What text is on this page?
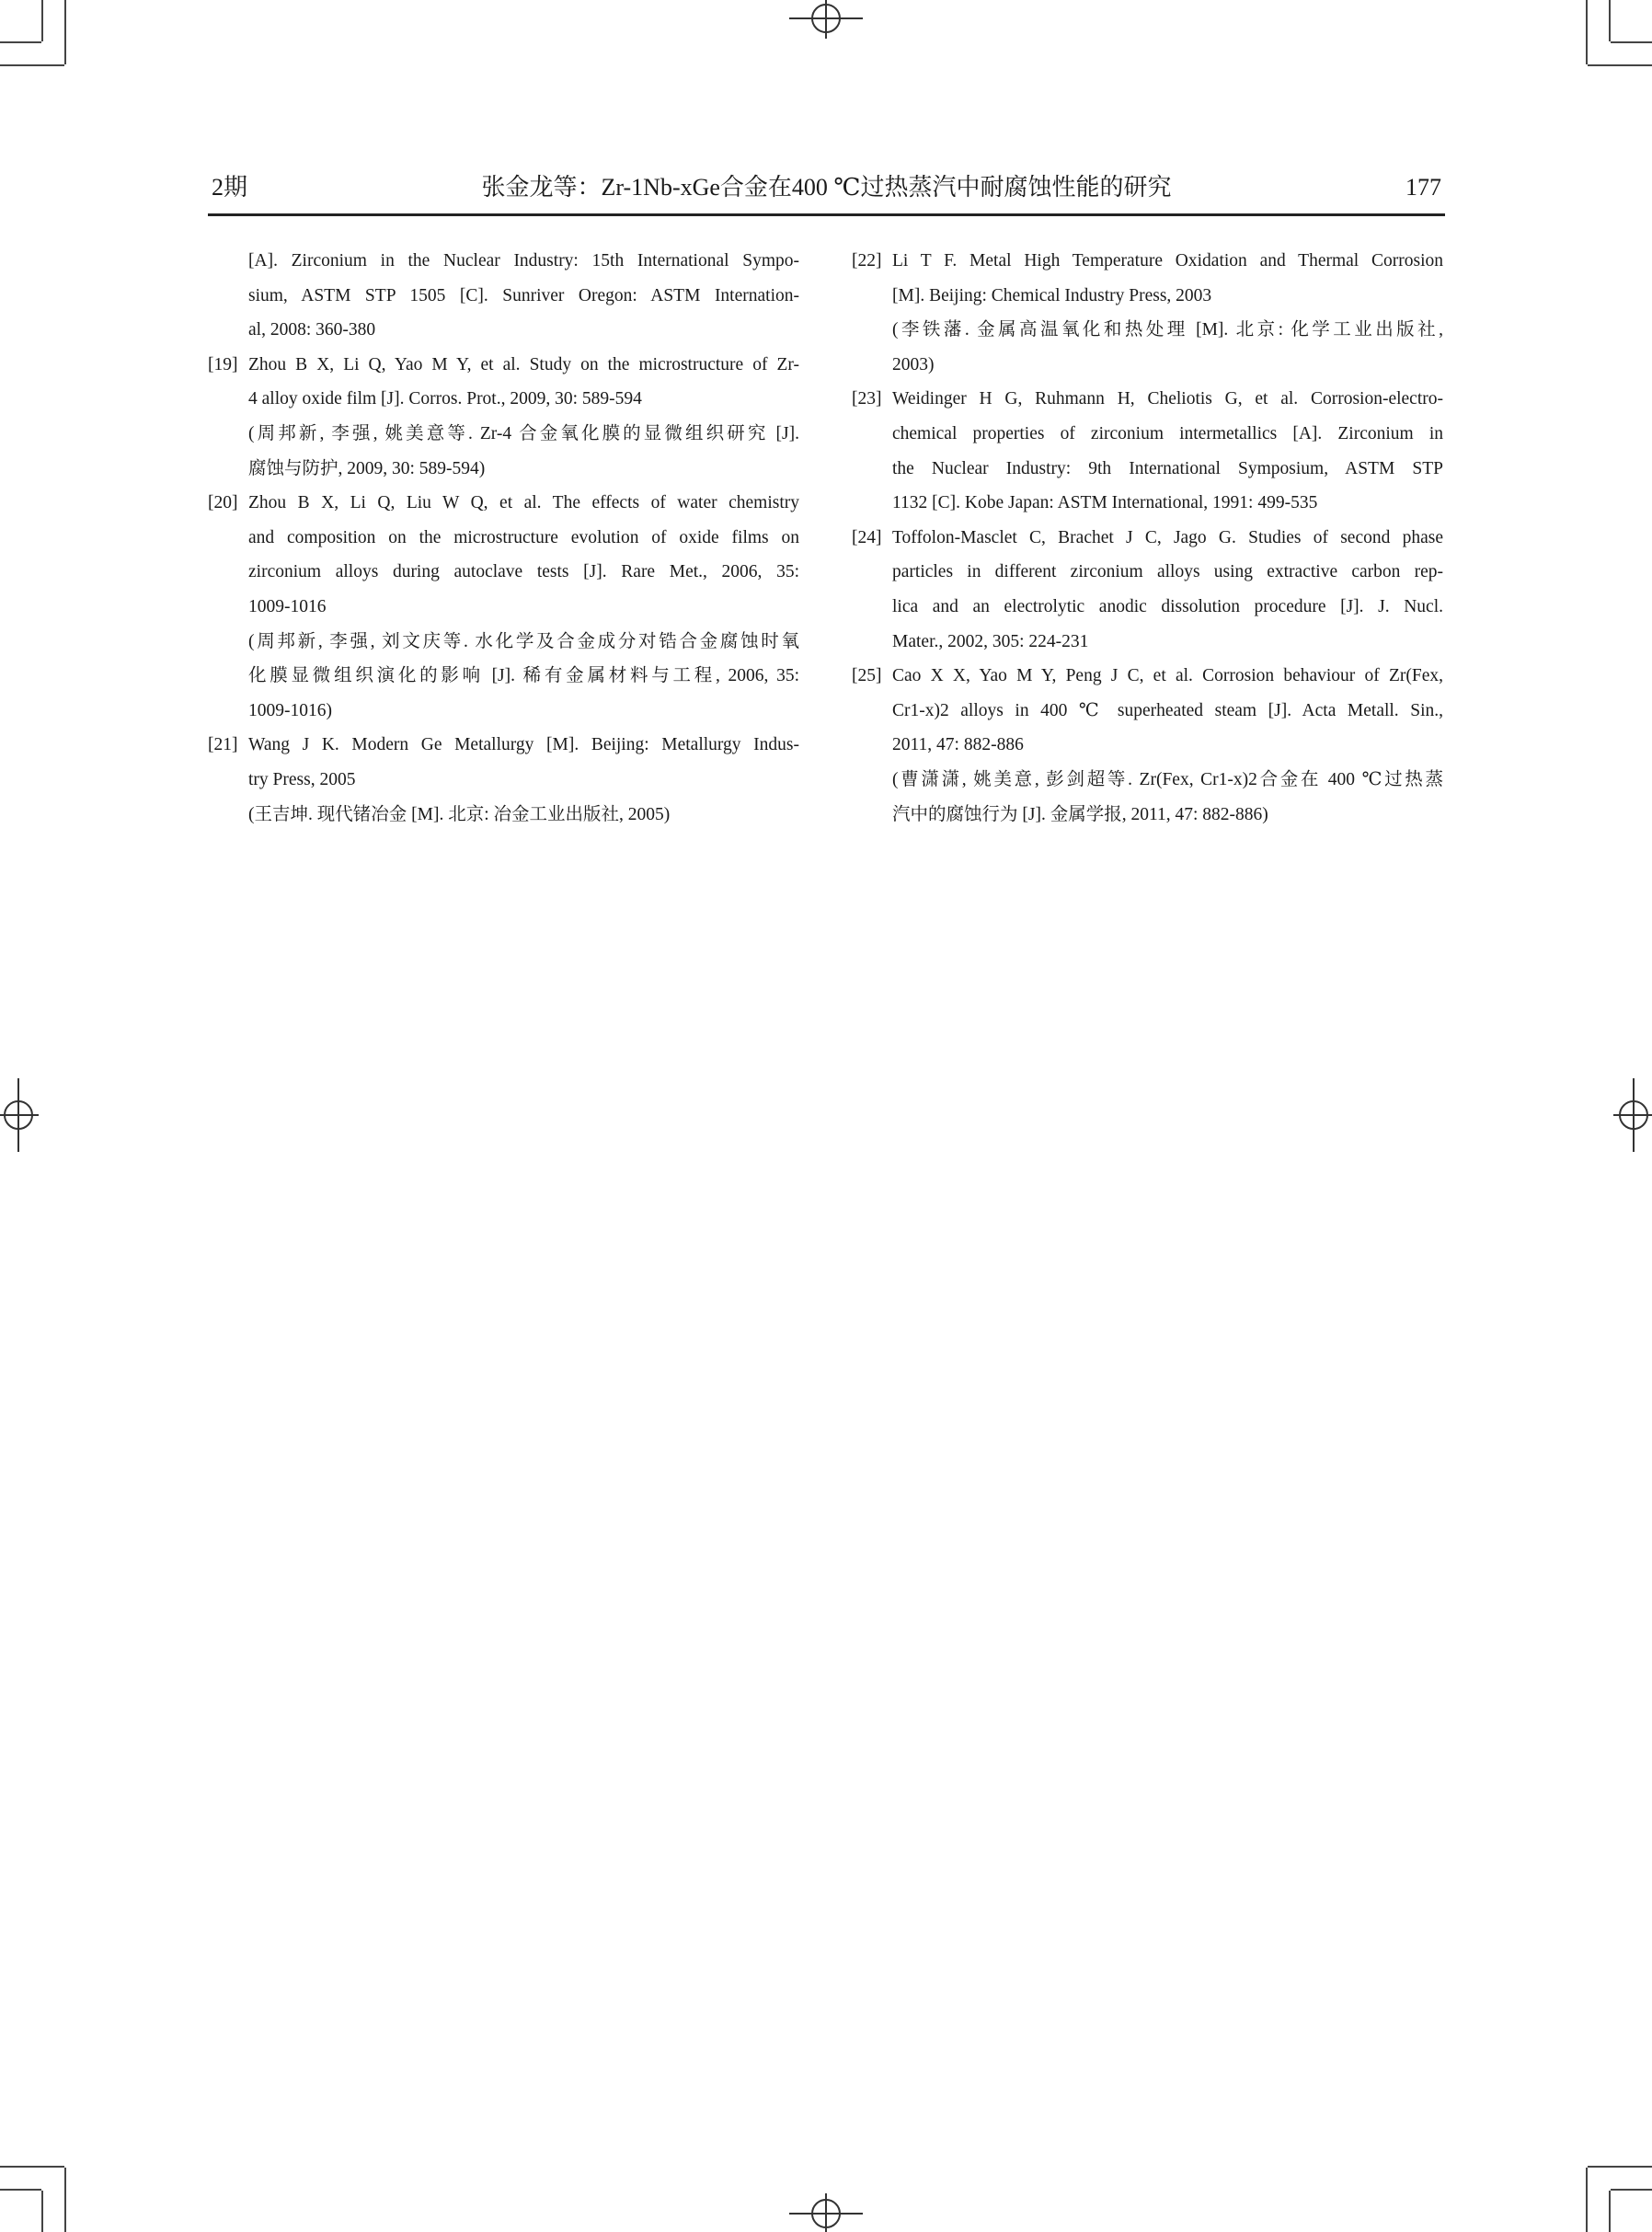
2期	张金龙等：Zr-1Nb-xGe合金在400 ℃过热蒸汽中耐腐蚀性能的研究	177
[A]. Zirconium in the Nuclear Industry: 15th International Sympo-
sium, ASTM STP 1505 [C]. Sunriver Oregon: ASTM Internation-
al, 2008: 360-380
[19] Zhou B X, Li Q, Yao M Y, et al. Study on the microstructure of Zr-
4 alloy oxide film [J]. Corros. Prot., 2009, 30: 589-594
(周邦新, 李强, 姚美意等. Zr-4 合金氧化膜的显微组织研究 [J].
腐蚀与防护, 2009, 30: 589-594)
[20] Zhou B X, Li Q, Liu W Q, et al. The effects of water chemistry
and composition on the microstructure evolution of oxide films on
zirconium alloys during autoclave tests [J]. Rare Met., 2006, 35:
1009-1016
(周邦新, 李强, 刘文庆等. 水化学及合金成分对锆合金腐蚀时氧
化膜显微组织演化的影响 [J]. 稀有金属材料与工程, 2006, 35:
1009-1016)
[21] Wang J K. Modern Ge Metallurgy [M]. Beijing: Metallurgy Indus-
try Press, 2005
(王吉坤. 现代锗冶金 [M]. 北京: 冶金工业出版社, 2005)
[22] Li T F. Metal High Temperature Oxidation and Thermal Corrosion
[M]. Beijing: Chemical Industry Press, 2003
(李铁藩. 金属高温氧化和热处理 [M]. 北京: 化学工业出版社,
2003)
[23] Weidinger H G, Ruhmann H, Cheliotis G, et al. Corrosion-electro-
chemical properties of zirconium intermetallics [A]. Zirconium in
the Nuclear Industry: 9th International Symposium, ASTM STP
1132 [C]. Kobe Japan: ASTM International, 1991: 499-535
[24] Toffolon-Masclet C, Brachet J C, Jago G. Studies of second phase
particles in different zirconium alloys using extractive carbon rep-
lica and an electrolytic anodic dissolution procedure [J]. J. Nucl.
Mater., 2002, 305: 224-231
[25] Cao X X, Yao M Y, Peng J C, et al. Corrosion behaviour of Zr(Fex,
Cr1-x)2 alloys in 400 ℃ superheated steam [J]. Acta Metall. Sin.,
2011, 47: 882-886
(曹潇潇, 姚美意, 彭剑超等. Zr(Fex, Cr1-x)2合金在 400 ℃过热蒸
汽中的腐蚀行为 [J]. 金属学报, 2011, 47: 882-886)
